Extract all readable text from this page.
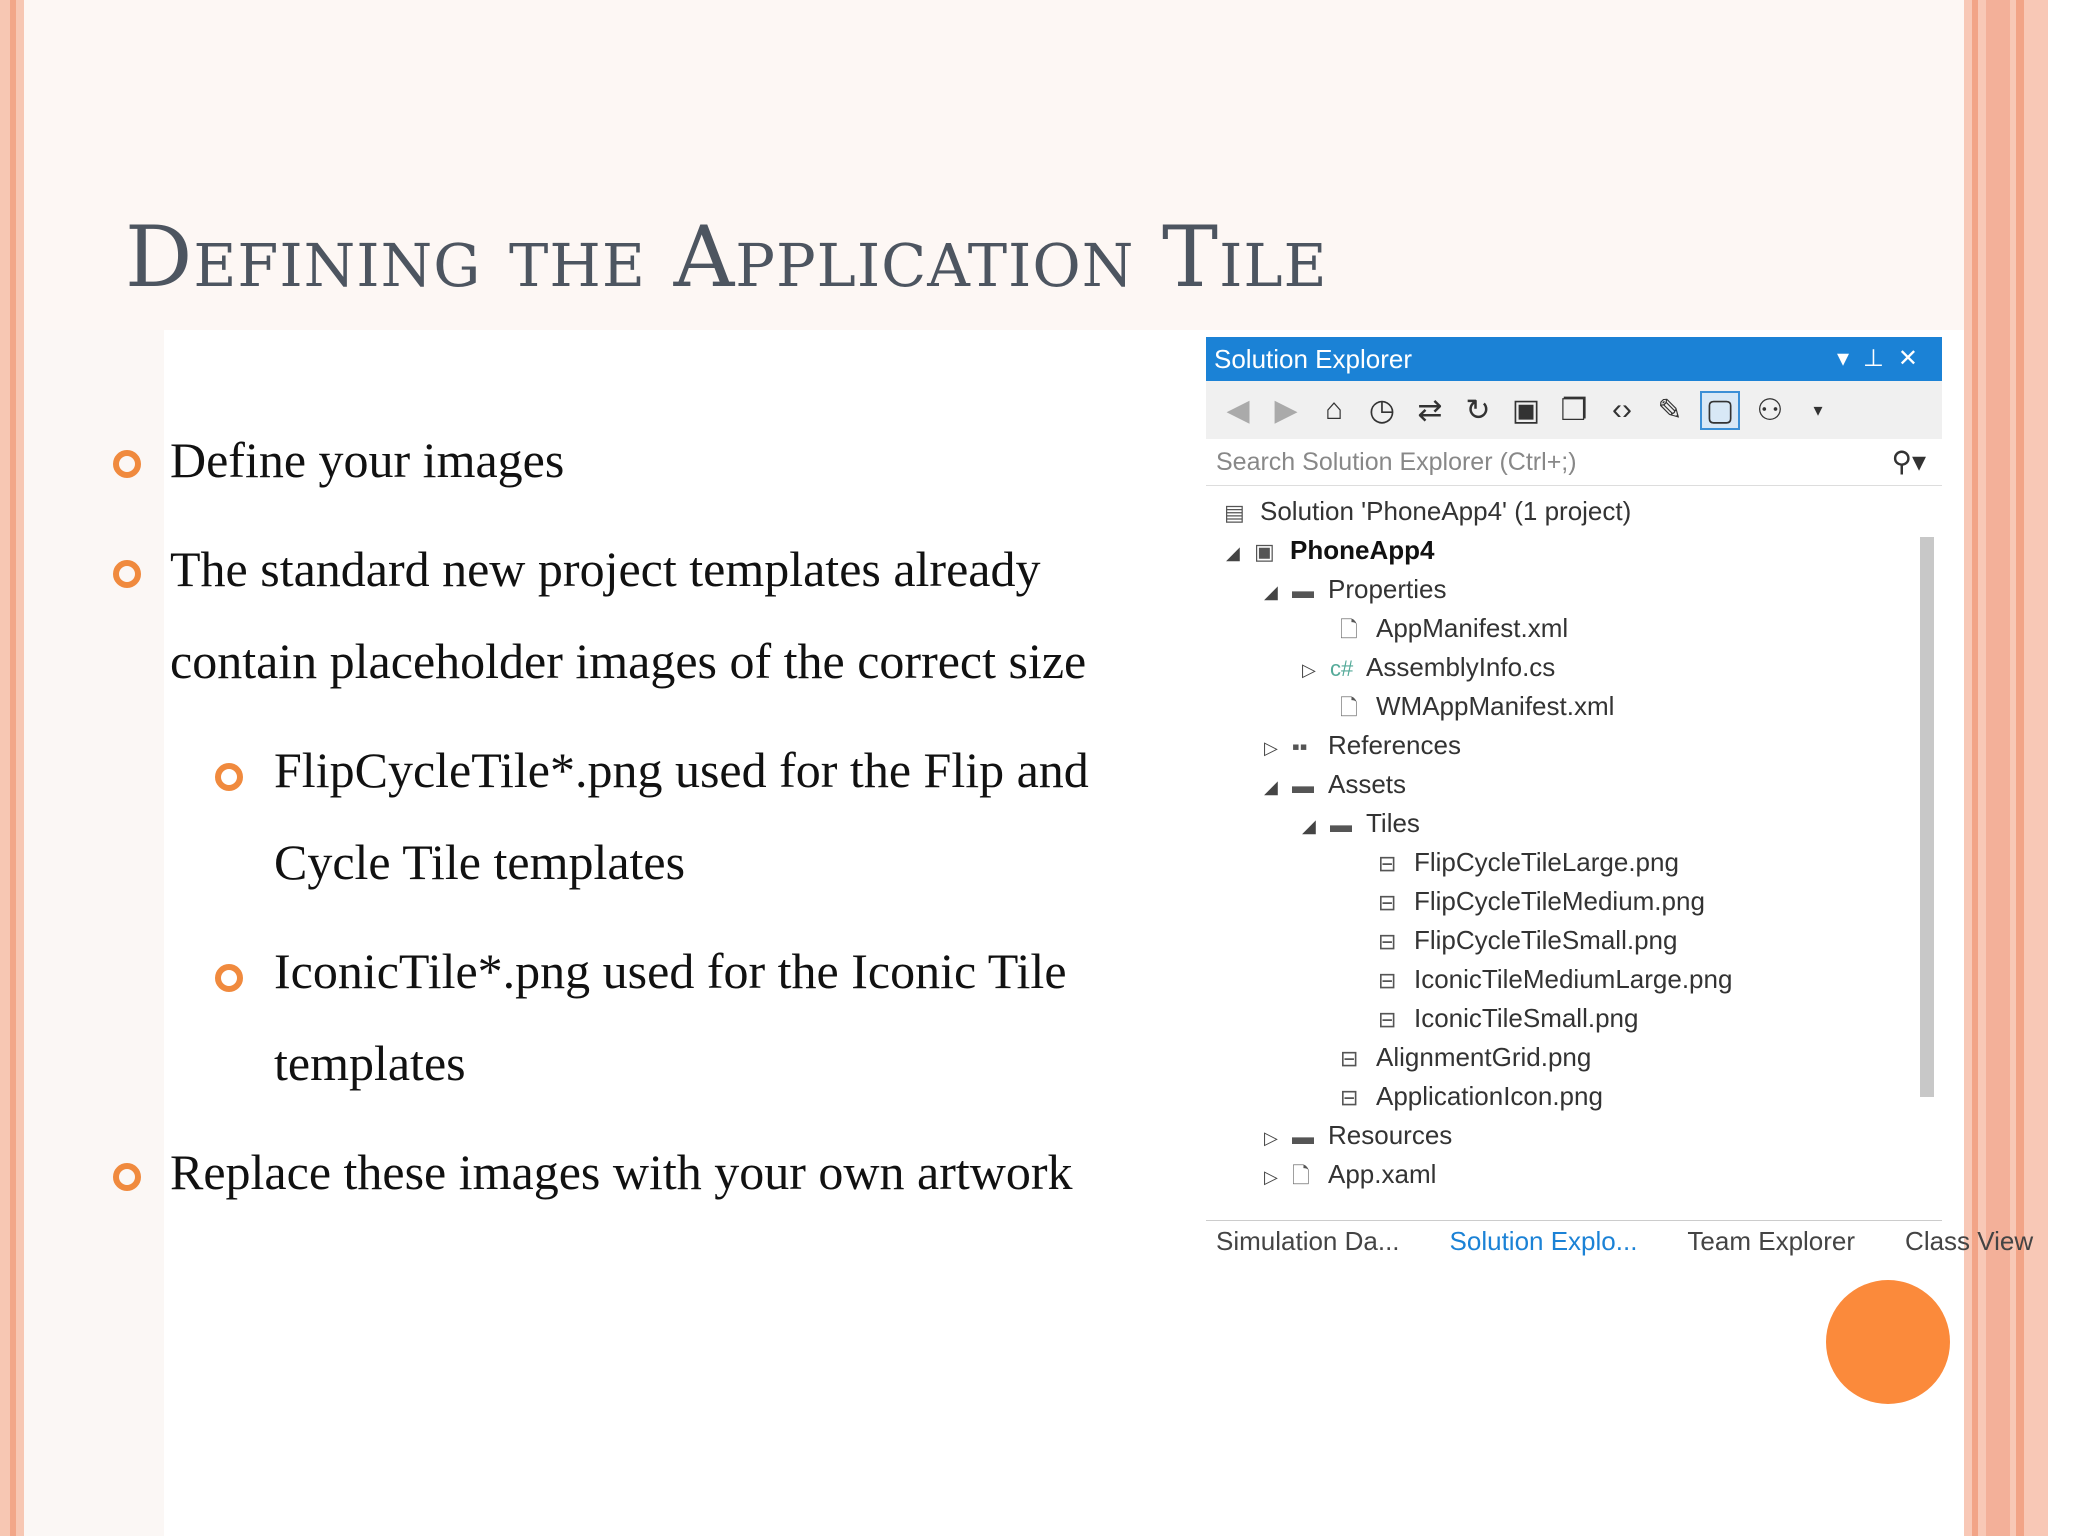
Defining the Application Tile
Define your images
The standard new project templates already
contain placeholder images of the correct size
FlipCycleTile*.png used for the Flip and
Cycle Tile templates
IconicTile*.png used for the Iconic Tile
templates
Replace these images with your own artwork
Solution Explorer	▾⊥✕
◀ ▶ ⌂ ◷ ⇄ ↻ ▣ ❐ ‹› ✎ ▢ ⚇	▾
Search Solution Explorer (Ctrl+;)	⚲▾
▤ Solution 'PhoneApp4' (1 project)
◢ ▣ PhoneApp4
◢ ▬ Properties
🗋 AppManifest.xml
▷ c# AssemblyInfo.cs
🗋 WMAppManifest.xml
▷ ▪▪ References
◢ ▬ Assets
◢ ▬ Tiles
⊟ FlipCycleTileLarge.png
⊟ FlipCycleTileMedium.png
⊟ FlipCycleTileSmall.png
⊟ IconicTileMediumLarge.png
⊟ IconicTileSmall.png
⊟ AlignmentGrid.png
⊟ ApplicationIcon.png
▷ ▬ Resources
▷ 🗋 App.xaml
Simulation Da... Solution Explo... Team Explorer Class View
